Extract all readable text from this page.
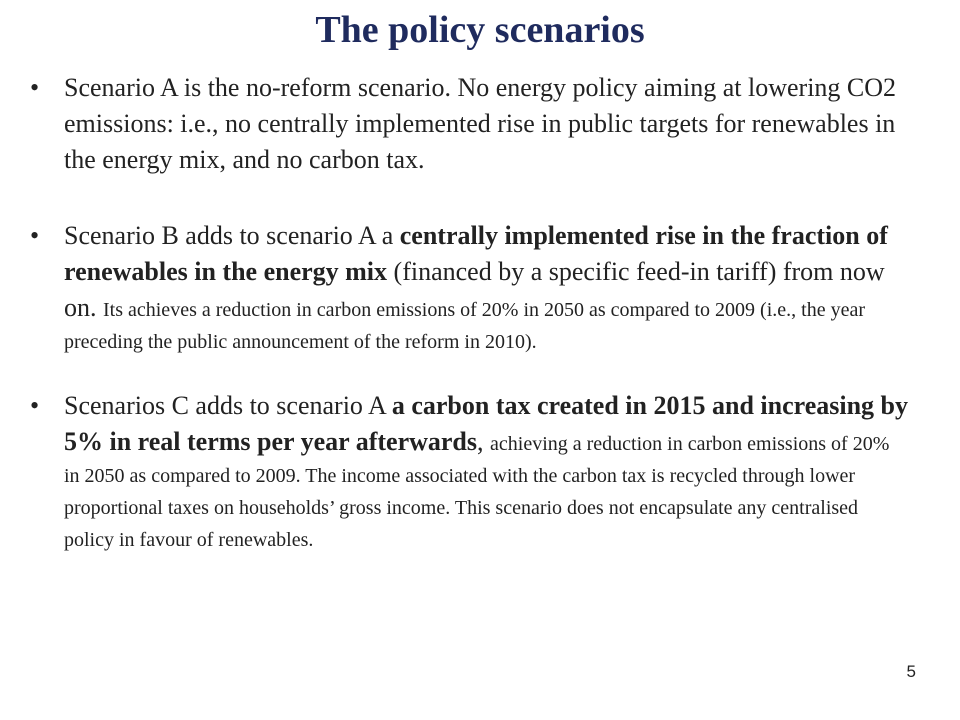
The policy scenarios
• Scenario A is the no-reform scenario. No energy policy aiming at lowering CO2 emissions: i.e., no centrally implemented rise in public targets for renewables in the energy mix, and no carbon tax.
• Scenario B adds to scenario A a centrally implemented rise in the fraction of renewables in the energy mix (financed by a specific feed-in tariff) from now on. Its achieves a reduction in carbon emissions of 20% in 2050 as compared to 2009 (i.e., the year preceding the public announcement of the reform in 2010).
• Scenarios C adds to scenario A a carbon tax created in 2015 and increasing by 5% in real terms per year afterwards, achieving a reduction in carbon emissions of 20% in 2050 as compared to 2009. The income associated with the carbon tax is recycled through lower proportional taxes on households’ gross income. This scenario does not encapsulate any centralised policy in favour of renewables.
5
